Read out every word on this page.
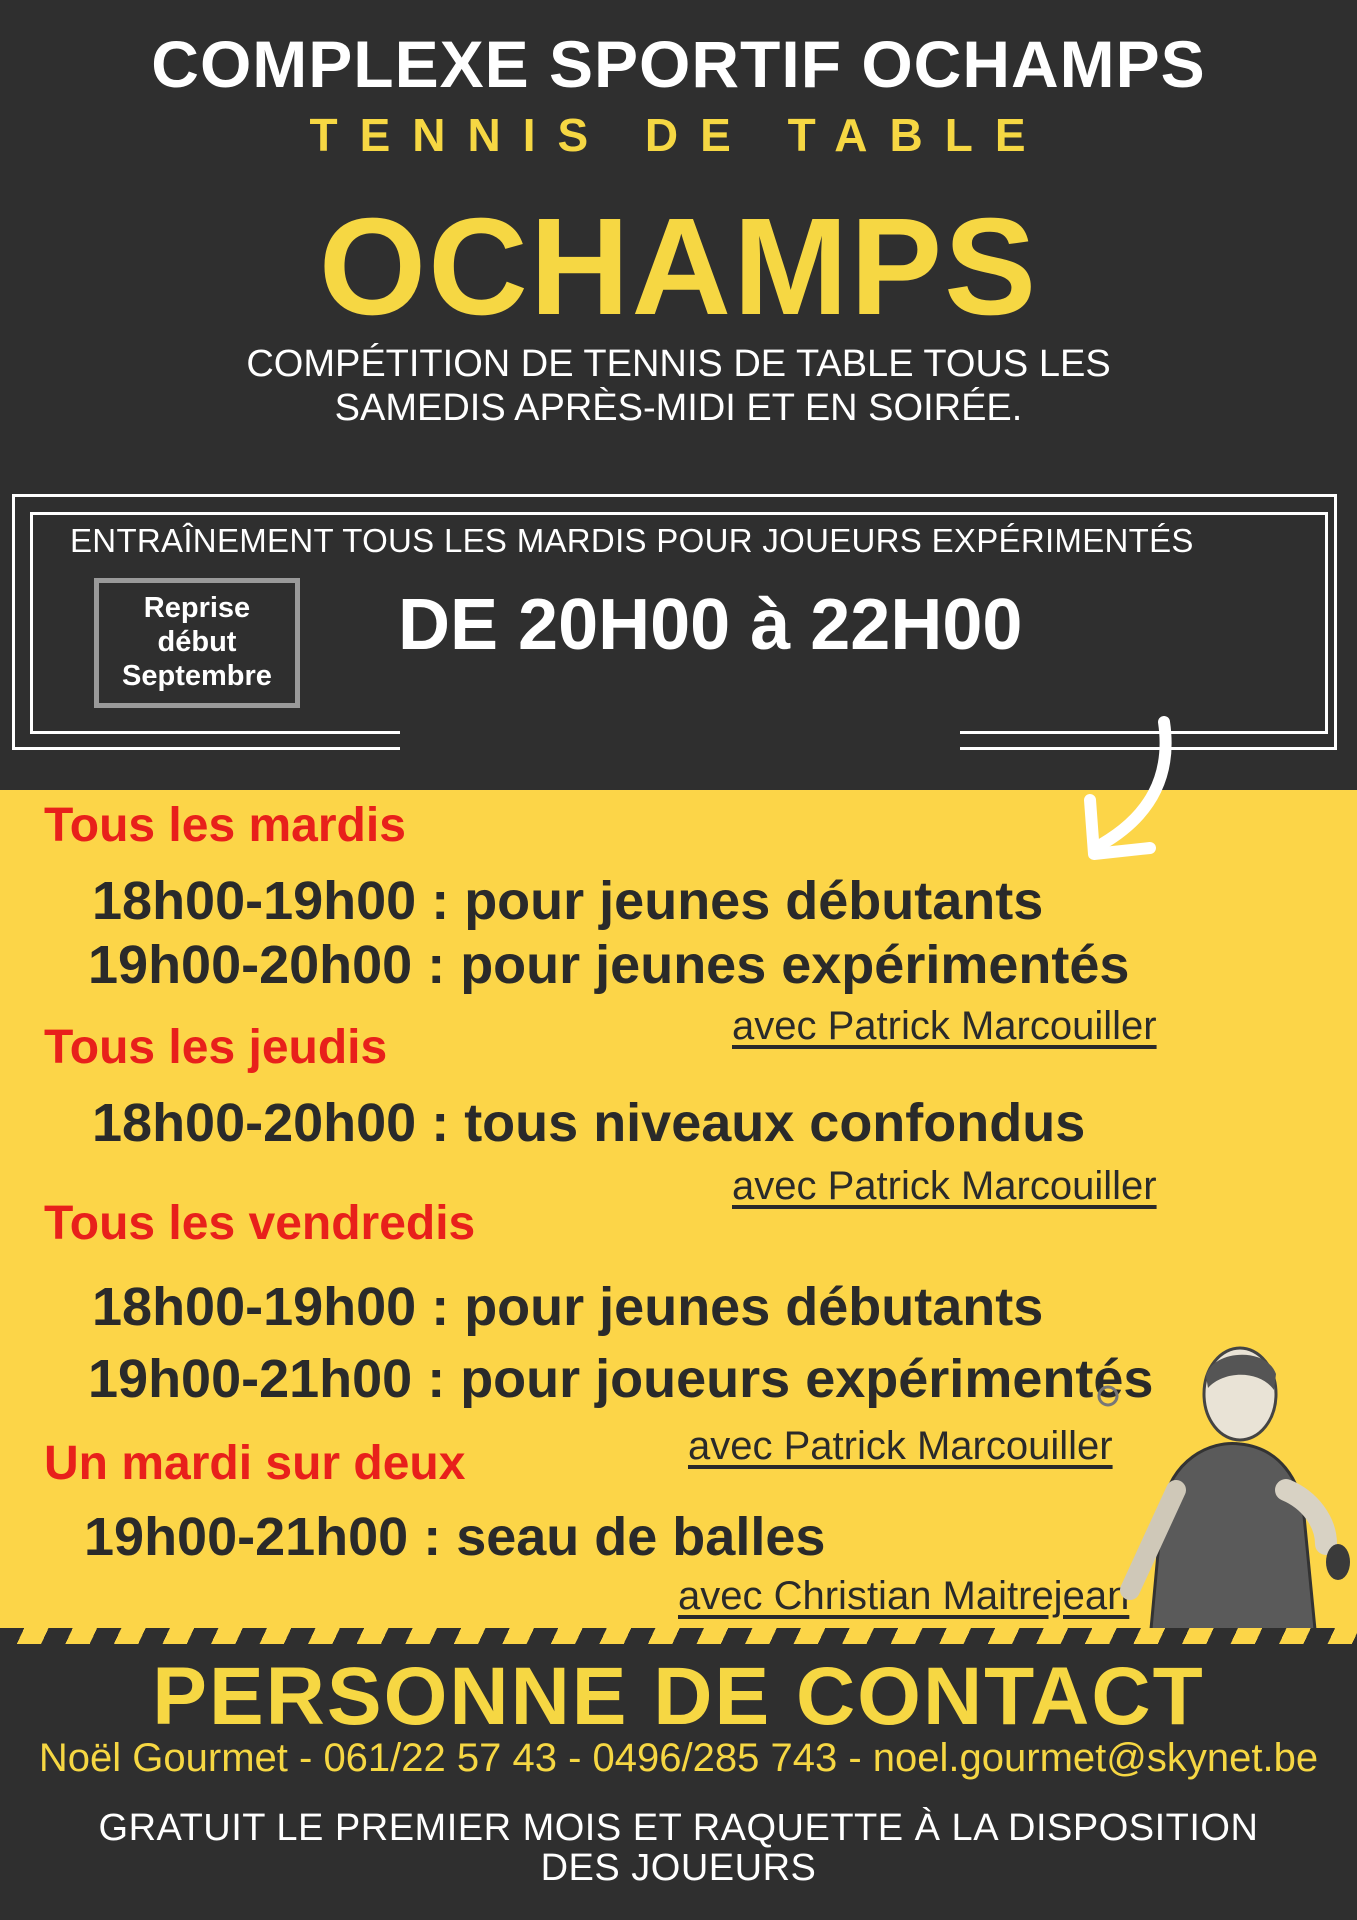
COMPLEXE SPORTIF OCHAMPS
TENNIS DE TABLE
OCHAMPS
COMPÉTITION DE TENNIS DE TABLE TOUS LES
SAMEDIS APRÈS-MIDI ET EN SOIRÉE.
ENTRAÎNEMENT TOUS LES MARDIS POUR JOUEURS EXPÉRIMENTÉS
Reprise
début
Septembre
DE 20H00 à 22H00
Tous les mardis
18h00-19h00 : pour jeunes débutants
19h00-20h00 : pour jeunes expérimentés
avec Patrick Marcouiller
Tous les jeudis
18h00-20h00 : tous niveaux confondus
avec Patrick Marcouiller
Tous les vendredis
18h00-19h00 : pour jeunes débutants
19h00-21h00 : pour joueurs expérimentés
avec Patrick Marcouiller
Un mardi sur deux
19h00-21h00 : seau de balles
avec Christian Maitrejean
PERSONNE DE CONTACT
Noël Gourmet - 061/22 57 43 - 0496/285 743 - noel.gourmet@skynet.be
GRATUIT LE PREMIER MOIS ET RAQUETTE À LA DISPOSITION
DES JOUEURS
